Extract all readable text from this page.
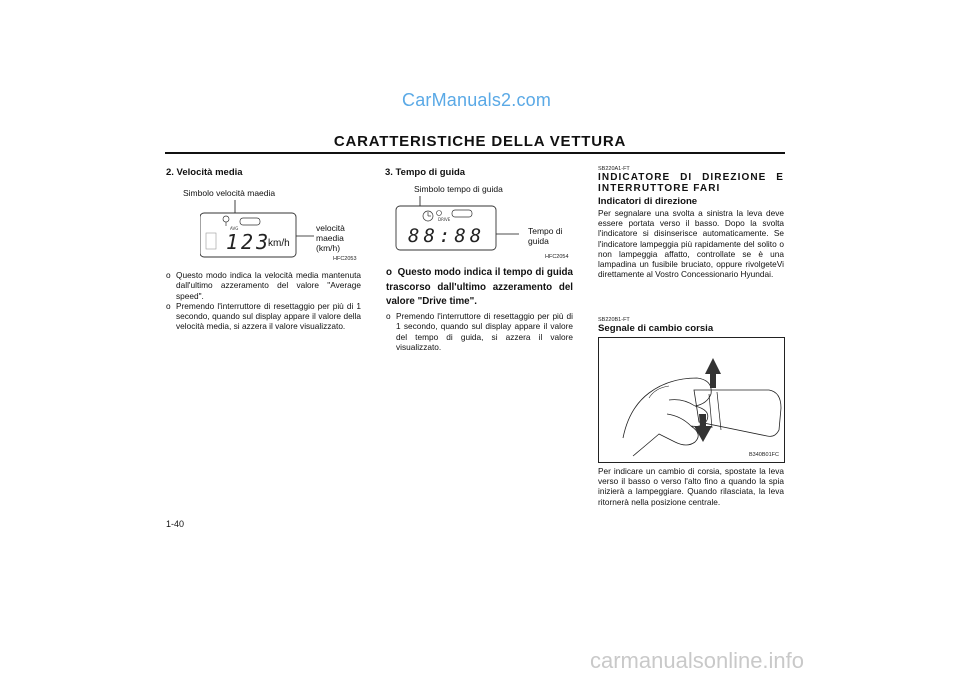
CarManuals2.com
CARATTERISTICHE DELLA VETTURA
2. Velocità media
Simbolo velocità maedia
AVG
123
km/h
velocità
maedia
(km/h)
HFC2053
o Questo modo indica la velocità media mantenuta dall'ultimo azzeramento del valore "Average speed".
o Premendo l'interruttore di resettaggio per più di 1 secondo, quando sul display appare il valore della velocità media, si azzera il valore visualizzato.
3. Tempo di guida
Simbolo tempo di guida
DRIVE
88:88	Tempo di
guida
HFC2054
o Questo modo indica il tempo di guida trascorso dall'ultimo azzeramento del valore "Drive time".
o Premendo l'interruttore di resettaggio per più di 1 secondo, quando sul display appare il valore del tempo di guida, si azzera il valore visualizzato.
SB220A1-FT
INDICATORE DI DIREZIONE E INTERRUTTORE FARI
Indicatori di direzione
Per segnalare una svolta a sinistra la leva deve essere portata verso il basso. Dopo la svolta l'indicatore si disinserisce automaticamente. Se l'indicatore lampeggia più rapidamente del solito o non lampeggia affatto, controllate se è una lampadina un fusibile bruciato, oppure rivolgeteVi direttamente al Vostro Concessionario Hyundai.
SB220B1-FT
Segnale di cambio corsia
B340B01FC
Per indicare un cambio di corsia, spostate la leva verso il basso o verso l'alto fino a quando la spia inizierà a lampeggiare. Quando rilasciata, la leva ritornerà nella posizione centrale.
1-40
carmanualsonline.info
